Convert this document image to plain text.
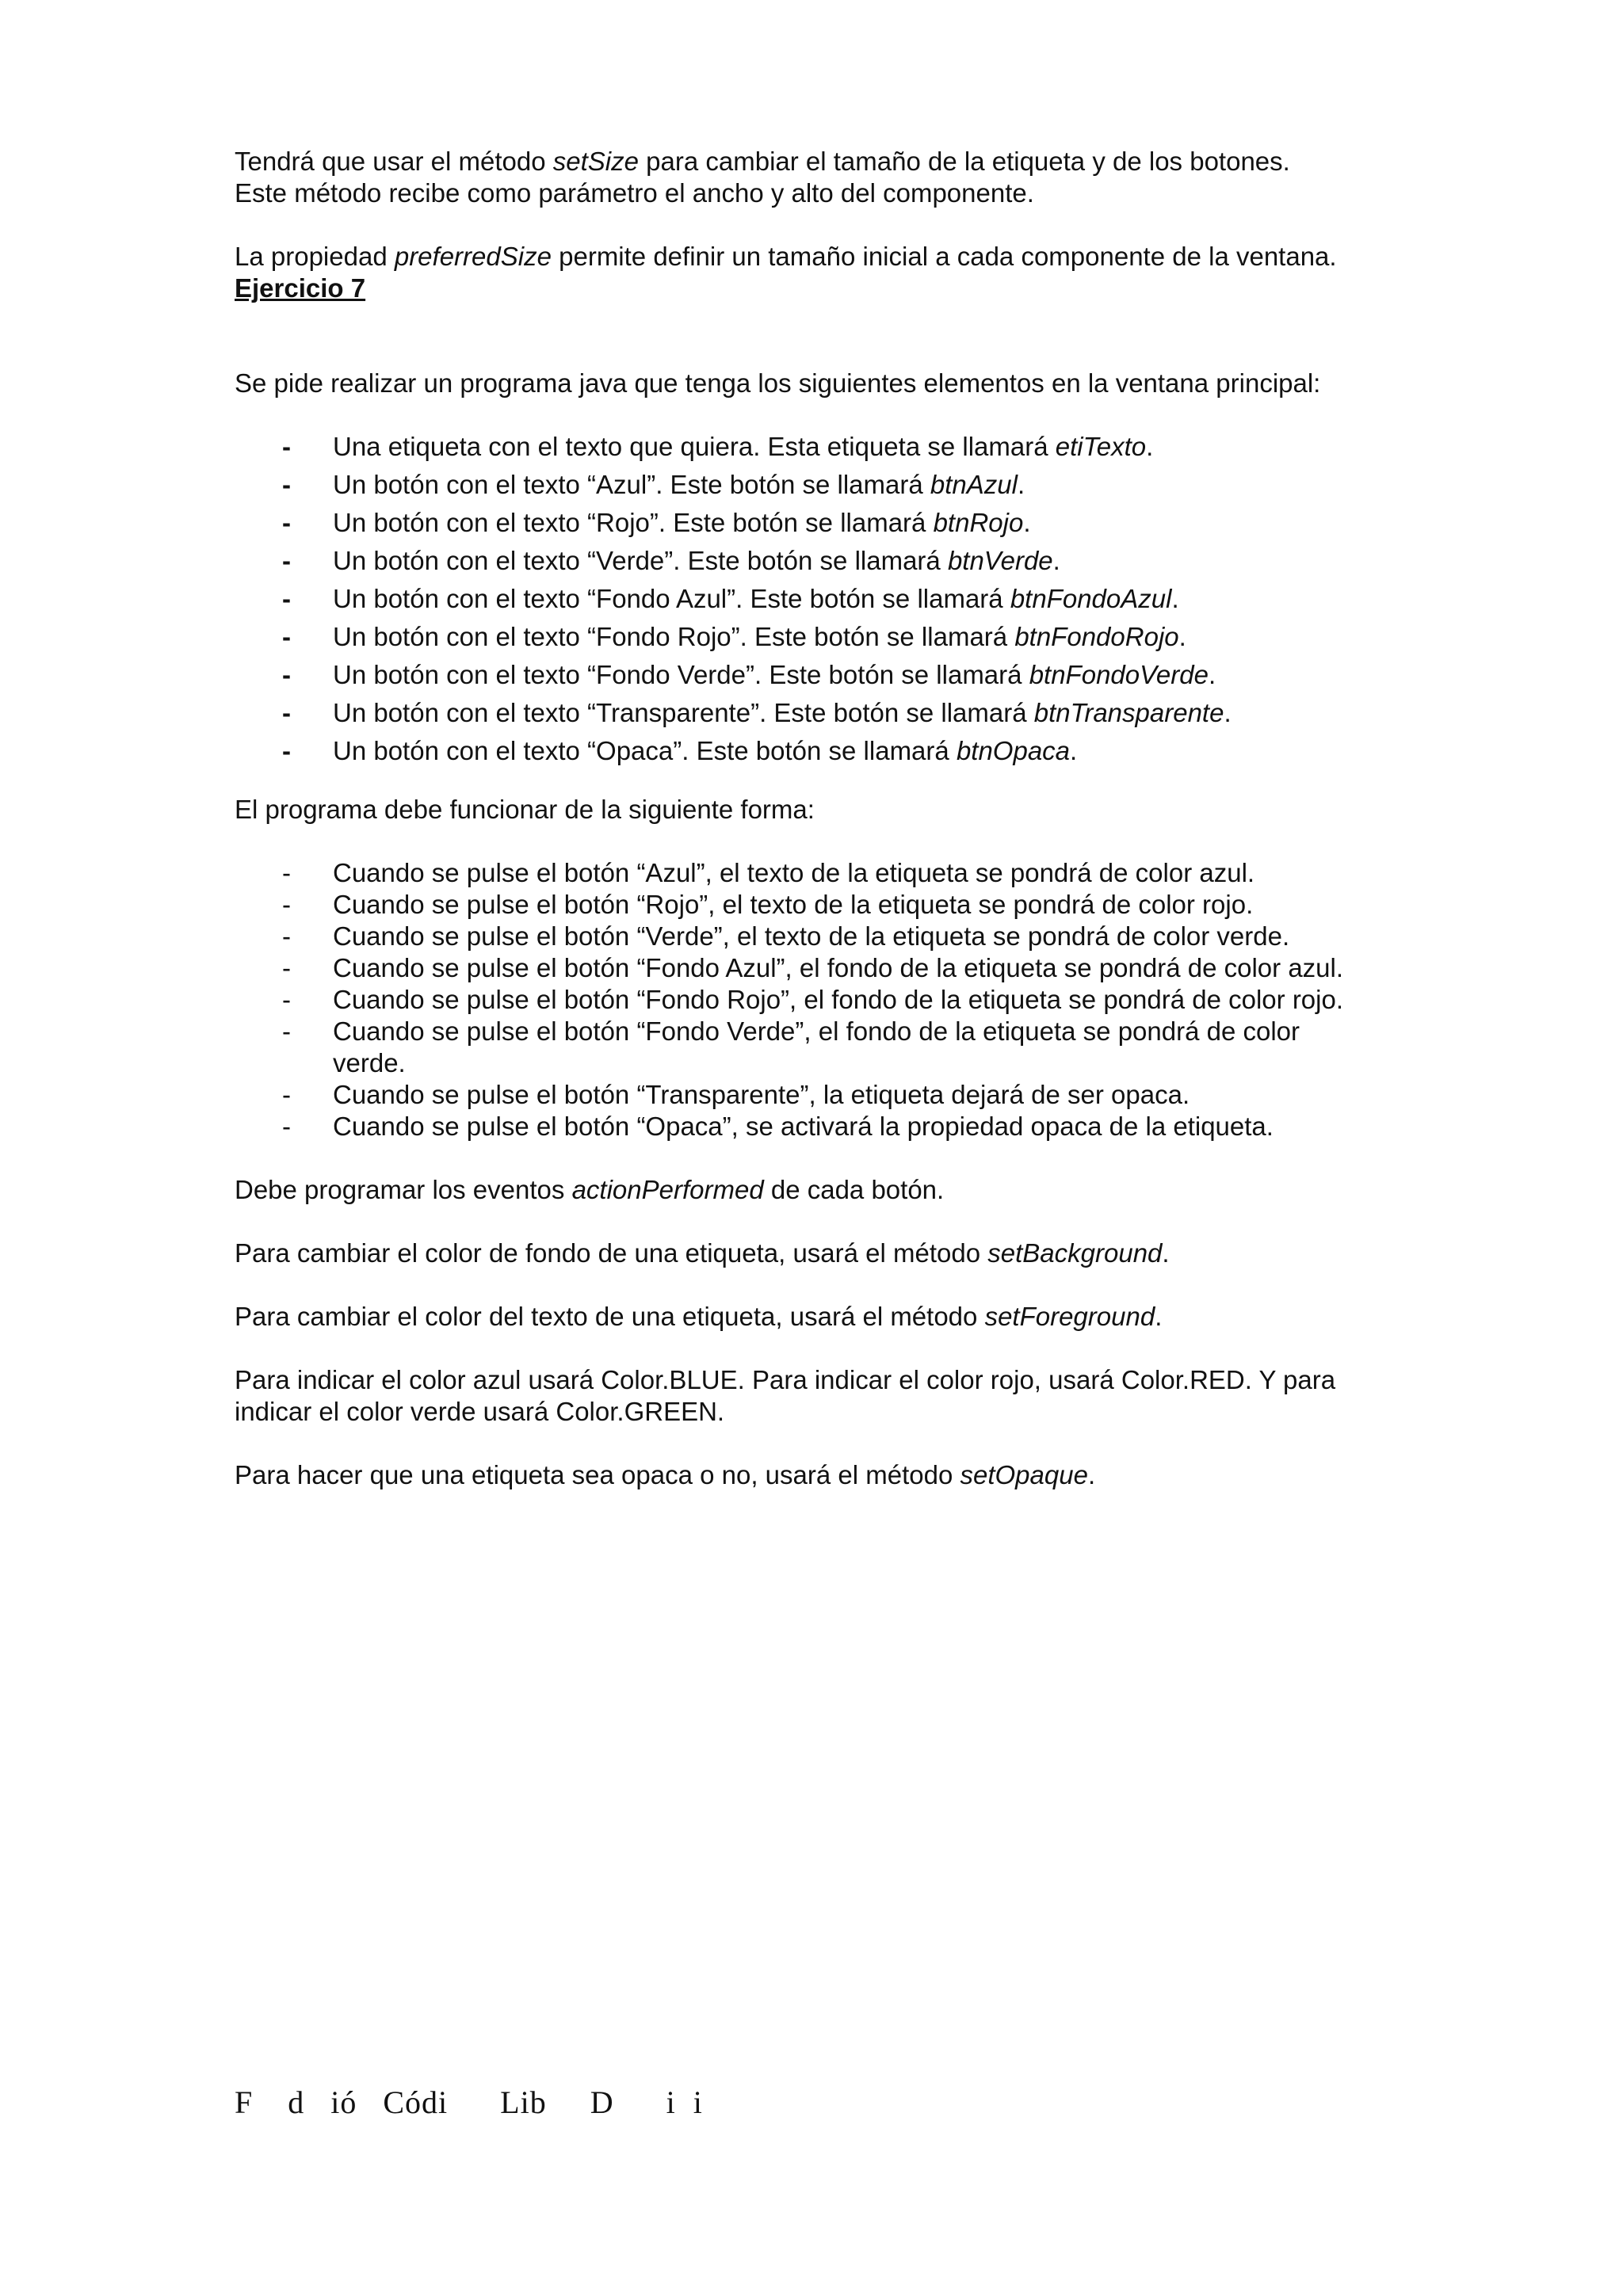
Tendrá que usar el método setSize para cambiar el tamaño de la etiqueta y de los botones.
Este método recibe como parámetro el ancho y alto del componente.

La propiedad preferredSize permite definir un tamaño inicial a cada componente de la ventana.

Ejercicio 7

Se pide realizar un programa java que tenga los siguientes elementos en la ventana principal:

- Una etiqueta con el texto que quiera. Esta etiqueta se llamará etiTexto.
- Un botón con el texto “Azul”. Este botón se llamará btnAzul.
- Un botón con el texto “Rojo”. Este botón se llamará btnRojo.
- Un botón con el texto “Verde”. Este botón se llamará btnVerde.
- Un botón con el texto “Fondo Azul”. Este botón se llamará btnFondoAzul.
- Un botón con el texto “Fondo Rojo”. Este botón se llamará btnFondoRojo.
- Un botón con el texto “Fondo Verde”. Este botón se llamará btnFondoVerde.
- Un botón con el texto “Transparente”. Este botón se llamará btnTransparente.
- Un botón con el texto “Opaca”. Este botón se llamará btnOpaca.

El programa debe funcionar de la siguiente forma:

- Cuando se pulse el botón “Azul”, el texto de la etiqueta se pondrá de color azul.
- Cuando se pulse el botón “Rojo”, el texto de la etiqueta se pondrá de color rojo.
- Cuando se pulse el botón “Verde”, el texto de la etiqueta se pondrá de color verde.
- Cuando se pulse el botón “Fondo Azul”, el fondo de la etiqueta se pondrá de color azul.
- Cuando se pulse el botón “Fondo Rojo”, el fondo de la etiqueta se pondrá de color rojo.
- Cuando se pulse el botón “Fondo Verde”, el fondo de la etiqueta se pondrá de color verde.
- Cuando se pulse el botón “Transparente”, la etiqueta dejará de ser opaca.
- Cuando se pulse el botón “Opaca”, se activará la propiedad opaca de la etiqueta.

Debe programar los eventos actionPerformed de cada botón.

Para cambiar el color de fondo de una etiqueta, usará el método setBackground.

Para cambiar el color del texto de una etiqueta, usará el método setForeground.

Para indicar el color azul usará Color.BLUE. Para indicar el color rojo, usará Color.RED. Y para indicar el color verde usará Color.GREEN.

Para hacer que una etiqueta sea opaca o no, usará el método setOpaque.

F    d   ió   Códi      Lib     D      i  i
